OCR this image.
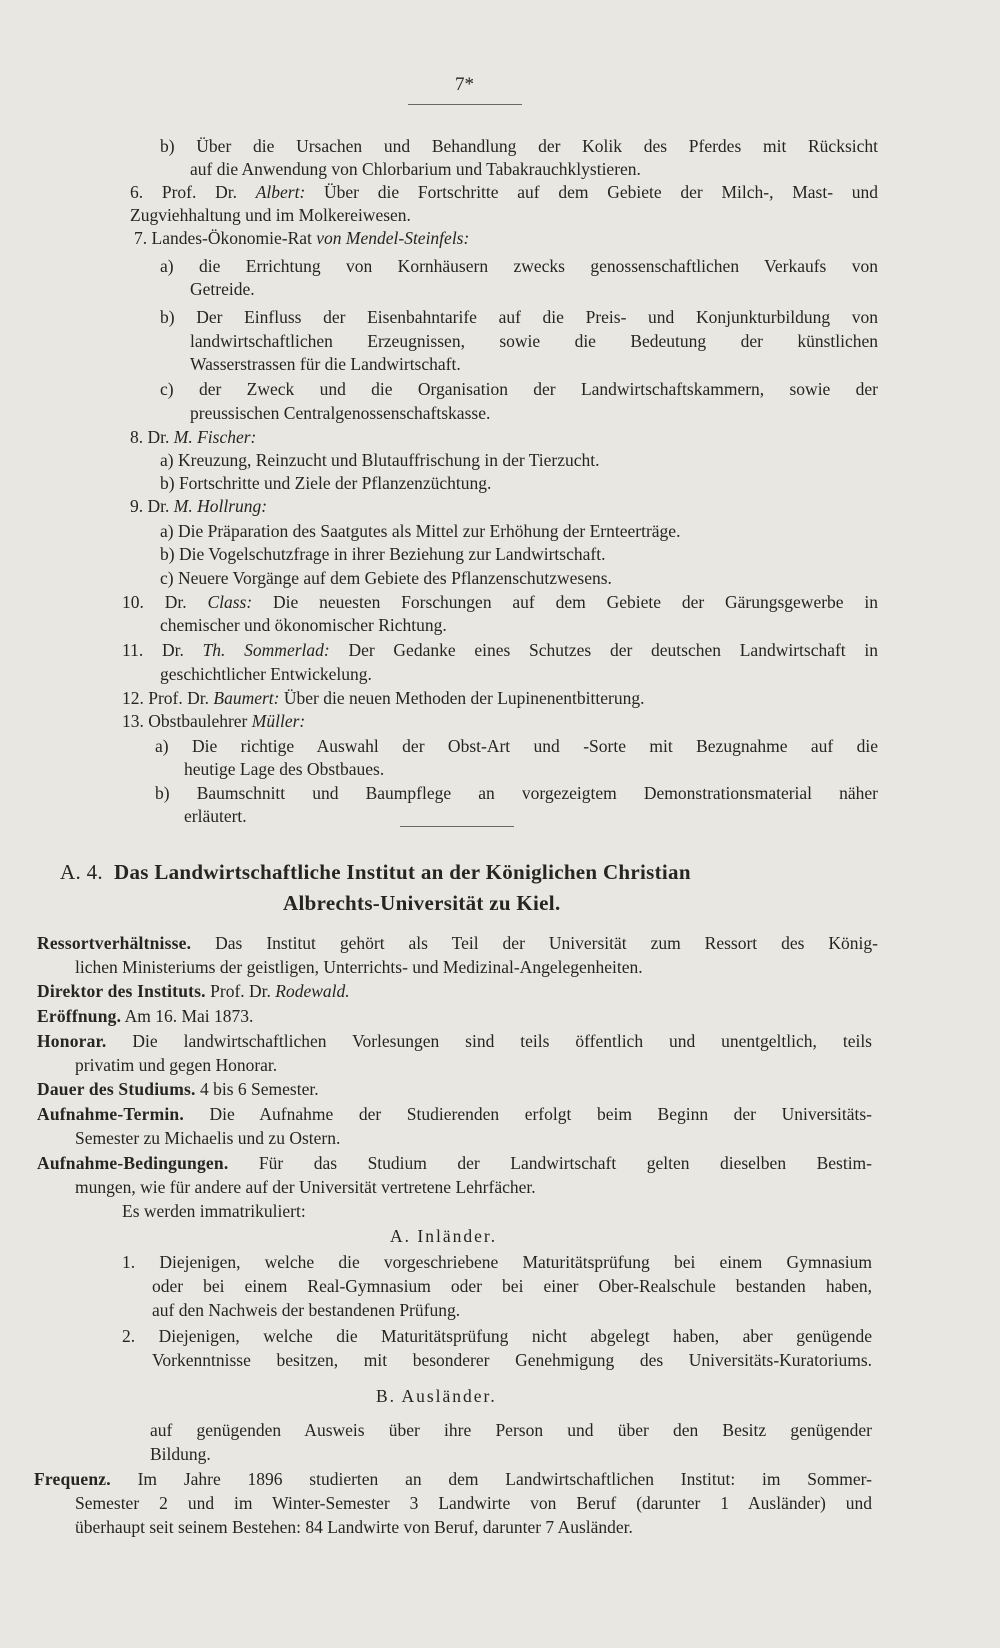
7*
b) Über die Ursachen und Behandlung der Kolik des Pferdes mit Rücksicht
auf die Anwendung von Chlorbarium und Tabakrauchklystieren.
6. Prof. Dr. Albert: Über die Fortschritte auf dem Gebiete der Milch-, Mast- und
Zugviehhaltung und im Molkereiwesen.
7. Landes-Ökonomie-Rat von Mendel-Steinfels:
a) die Errichtung von Kornhäusern zwecks genossenschaftlichen Verkaufs von
Getreide.
b) Der Einfluss der Eisenbahntarife auf die Preis- und Konjunkturbildung von
landwirtschaftlichen Erzeugnissen, sowie die Bedeutung der künstlichen
Wasserstrassen für die Landwirtschaft.
c) der Zweck und die Organisation der Landwirtschaftskammern, sowie der
preussischen Centralgenossenschaftskasse.
8. Dr. M. Fischer:
a) Kreuzung, Reinzucht und Blutauffrischung in der Tierzucht.
b) Fortschritte und Ziele der Pflanzenzüchtung.
9. Dr. M. Hollrung:
a) Die Präparation des Saatgutes als Mittel zur Erhöhung der Ernteerträge.
b) Die Vogelschutzfrage in ihrer Beziehung zur Landwirtschaft.
c) Neuere Vorgänge auf dem Gebiete des Pflanzenschutzwesens.
10. Dr. Class: Die neuesten Forschungen auf dem Gebiete der Gärungsgewerbe in
chemischer und ökonomischer Richtung.
11. Dr. Th. Sommerlad: Der Gedanke eines Schutzes der deutschen Landwirtschaft in
geschichtlicher Entwickelung.
12. Prof. Dr. Baumert: Über die neuen Methoden der Lupinenentbitterung.
13. Obstbaulehrer Müller:
a) Die richtige Auswahl der Obst-Art und -Sorte mit Bezugnahme auf die
heutige Lage des Obstbaues.
b) Baumschnitt und Baumpflege an vorgezeigtem Demonstrationsmaterial näher
erläutert.
A. 4. Das Landwirtschaftliche Institut an der Königlichen Christian
Albrechts-Universität zu Kiel.
Ressortverhältnisse. Das Institut gehört als Teil der Universität zum Ressort des König-
lichen Ministeriums der geistligen, Unterrichts- und Medizinal-Angelegenheiten.
Direktor des Instituts. Prof. Dr. Rodewald.
Eröffnung. Am 16. Mai 1873.
Honorar. Die landwirtschaftlichen Vorlesungen sind teils öffentlich und unentgeltlich, teils
privatim und gegen Honorar.
Dauer des Studiums. 4 bis 6 Semester.
Aufnahme-Termin. Die Aufnahme der Studierenden erfolgt beim Beginn der Universitäts-
Semester zu Michaelis und zu Ostern.
Aufnahme-Bedingungen. Für das Studium der Landwirtschaft gelten dieselben Bestim-
mungen, wie für andere auf der Universität vertretene Lehrfächer.
Es werden immatrikuliert:
A. Inländer.
1. Diejenigen, welche die vorgeschriebene Maturitätsprüfung bei einem Gymnasium
oder bei einem Real-Gymnasium oder bei einer Ober-Realschule bestanden haben,
auf den Nachweis der bestandenen Prüfung.
2. Diejenigen, welche die Maturitätsprüfung nicht abgelegt haben, aber genügende
Vorkenntnisse besitzen, mit besonderer Genehmigung des Universitäts-Kuratoriums.
B. Ausländer.
auf genügenden Ausweis über ihre Person und über den Besitz genügender
Bildung.
Frequenz. Im Jahre 1896 studierten an dem Landwirtschaftlichen Institut: im Sommer-
Semester 2 und im Winter-Semester 3 Landwirte von Beruf (darunter 1 Ausländer) und
überhaupt seit seinem Bestehen: 84 Landwirte von Beruf, darunter 7 Ausländer.
